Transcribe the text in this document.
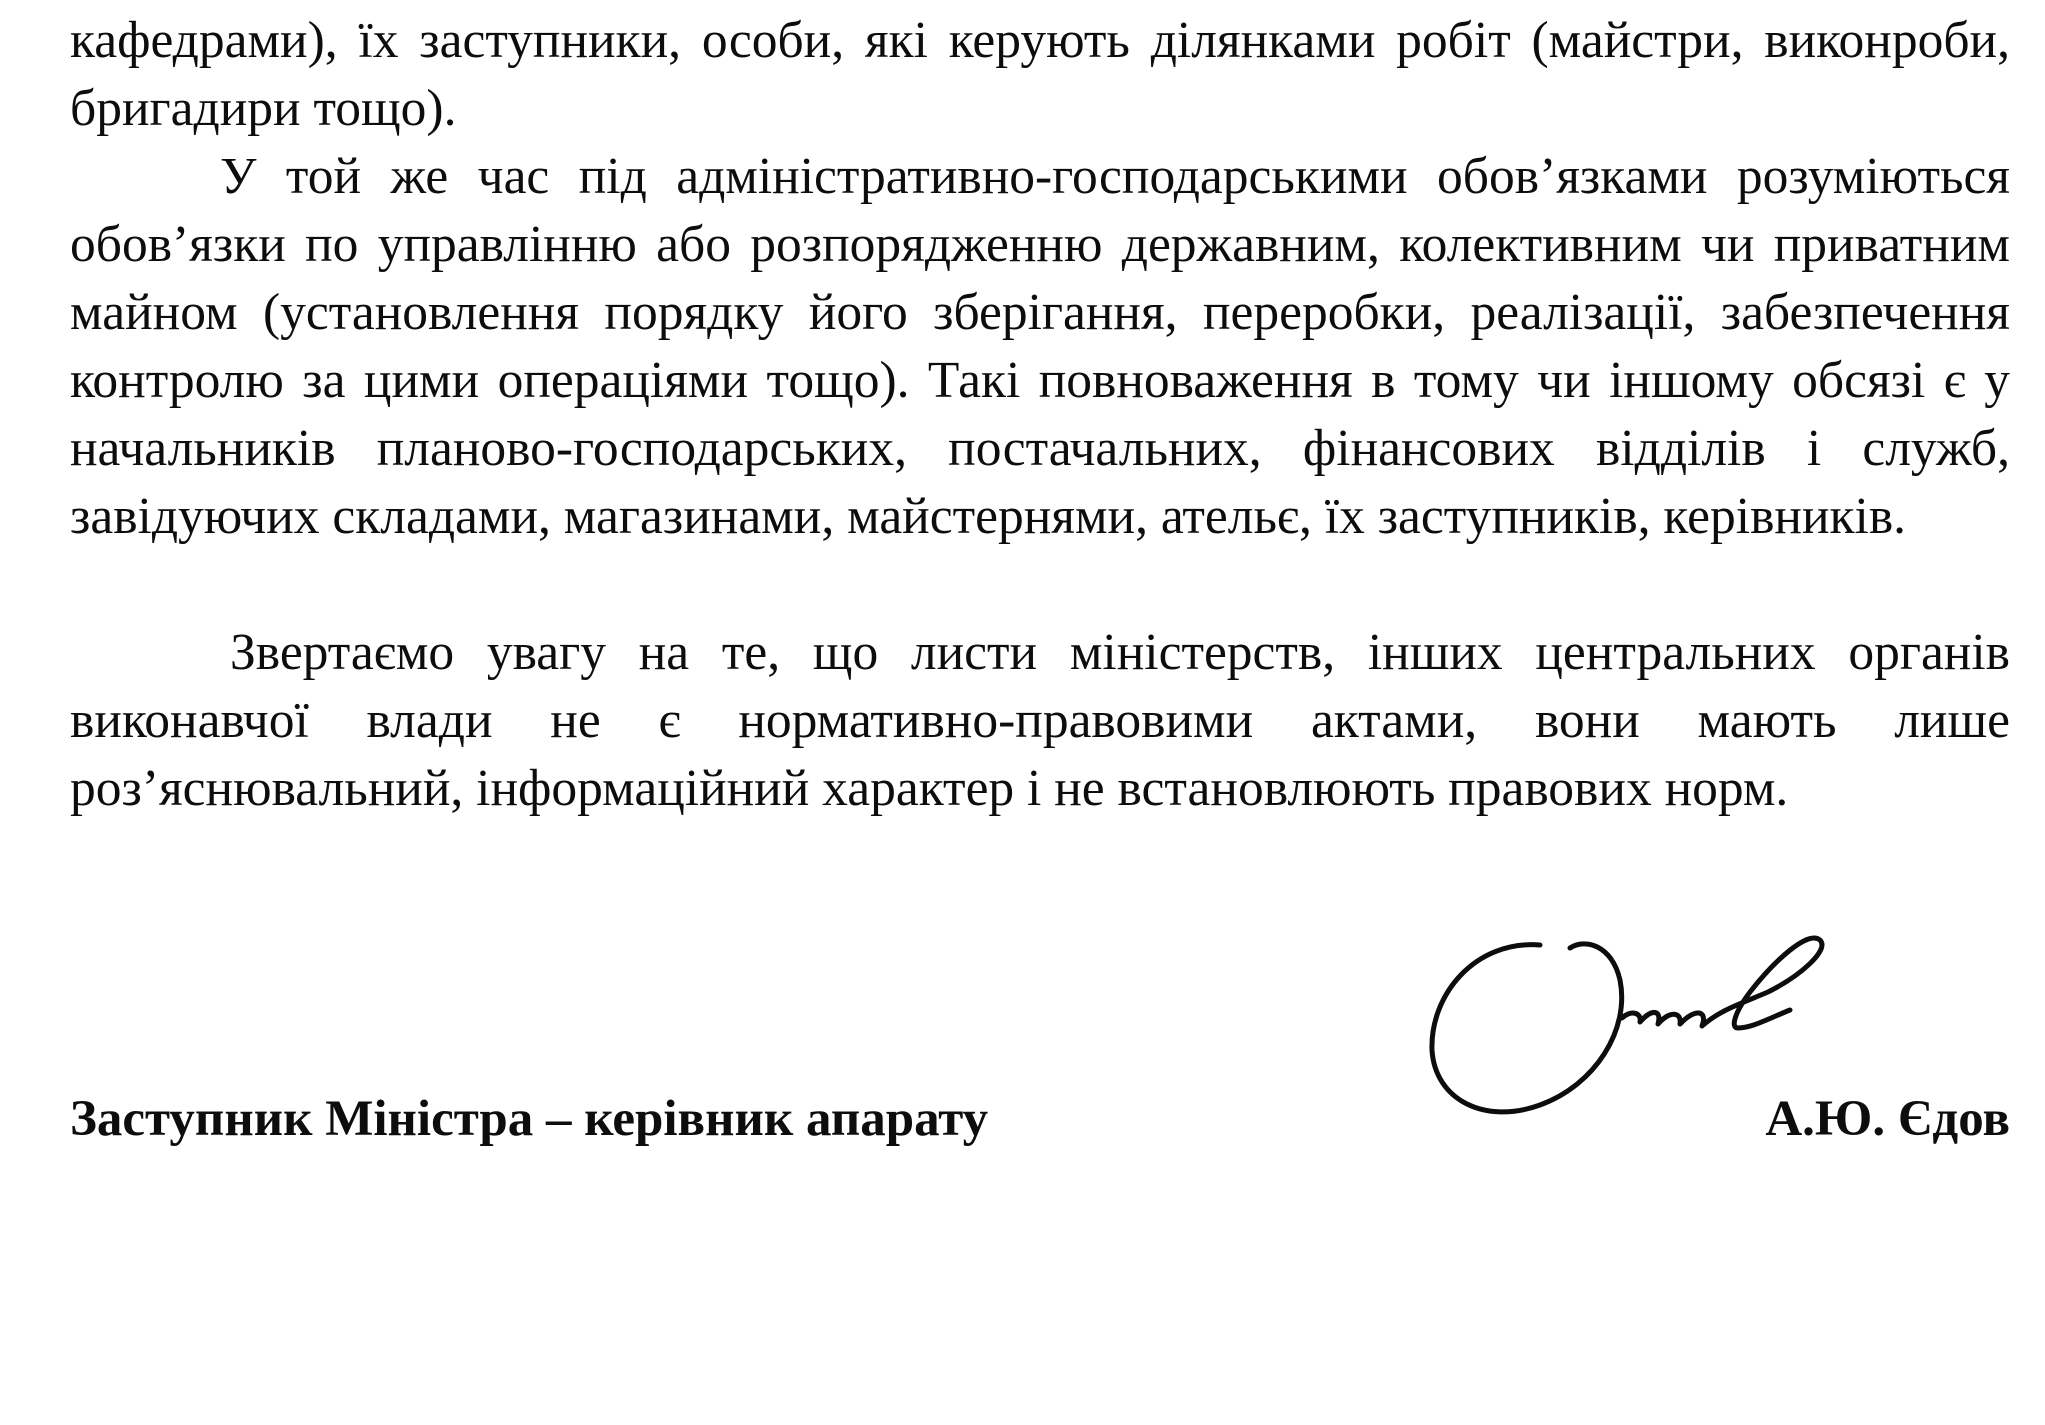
кафедрами), їх заступники, особи, які керують ділянками робіт (майстри, виконроби, бригадири тощо).

У той же час під адміністративно-господарськими обов’язками розуміються обов’язки по управлінню або розпорядженню державним, колективним чи приватним майном (установлення порядку його зберігання, переробки, реалізації, забезпечення контролю за цими операціями тощо). Такі повноваження в тому чи іншому обсязі є у начальників планово-господарських, постачальних, фінансових відділів і служб, завідуючих складами, магазинами, майстернями, ательє, їх заступників, керівників.

Звертаємо увагу на те, що листи міністерств, інших центральних органів виконавчої влади не є нормативно-правовими актами, вони мають лише роз’яснювальний, інформаційний характер і не встановлюють правових норм.

Заступник Міністра – керівник апарату	А.Ю. Єдов
